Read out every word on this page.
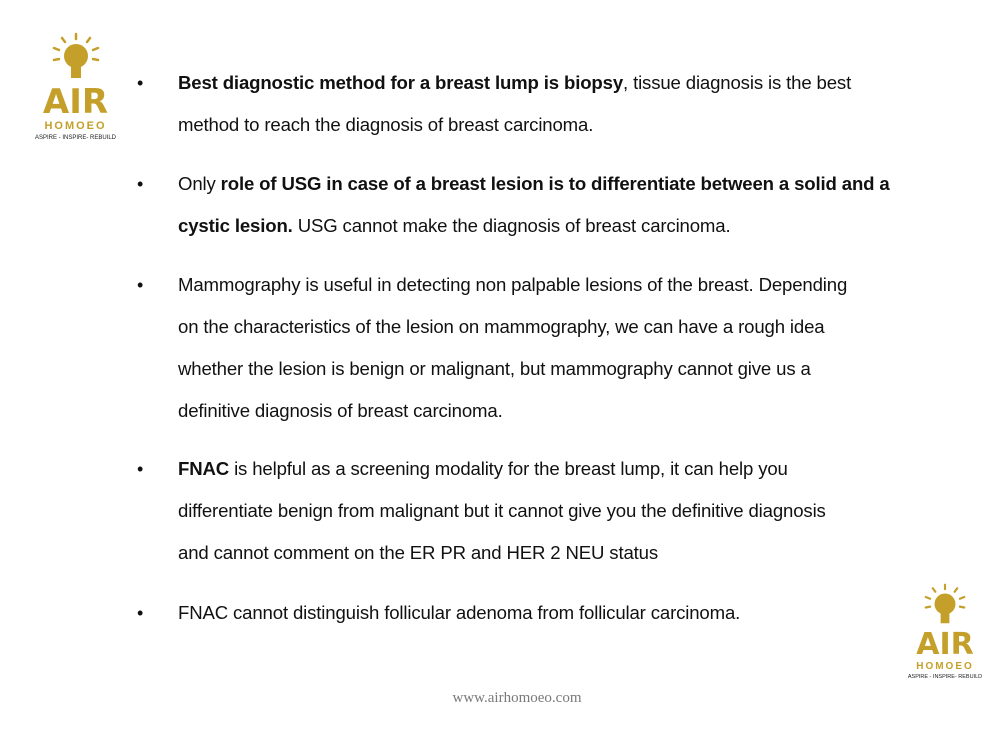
AIR
HOMOEO
ASPIRE - INSPIRE- REBUILD
• Best diagnostic method for a breast lump is biopsy, tissue diagnosis is the best
method to reach the diagnosis of breast carcinoma.
• Only role of USG in case of a breast lesion is to differentiate between a solid and a
cystic lesion. USG cannot make the diagnosis of breast carcinoma.
• Mammography is useful in detecting non palpable lesions of the breast. Depending
on the characteristics of the lesion on mammography, we can have a rough idea
whether the lesion is benign or malignant, but mammography cannot give us a
definitive diagnosis of breast carcinoma.
• FNAC is helpful as a screening modality for the breast lump, it can help you
differentiate benign from malignant but it cannot give you the definitive diagnosis
and cannot comment on the ER PR and HER 2 NEU status
• FNAC cannot distinguish follicular adenoma from follicular carcinoma.
AIR
HOMOEO
ASPIRE - INSPIRE- REBUILD
www.airhomoeo.com
